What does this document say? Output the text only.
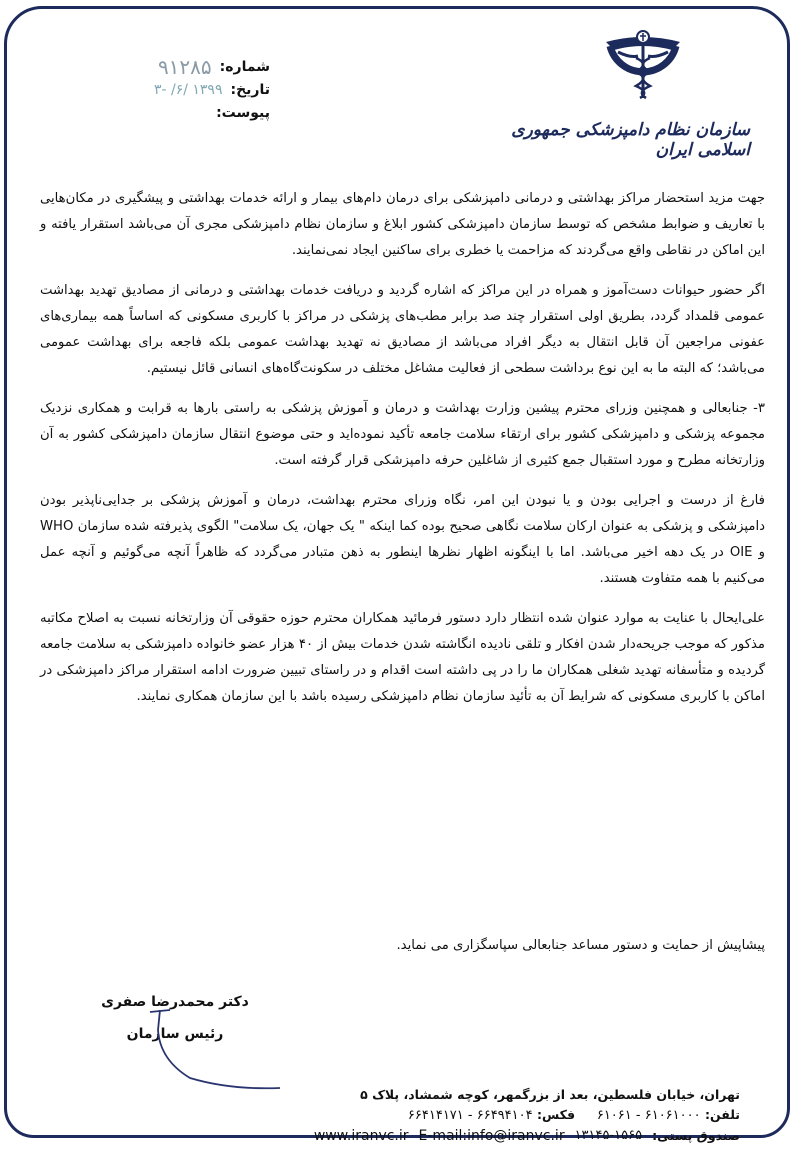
سازمان نظام دامپزشکی جمهوری اسلامی ایران
شماره:
۹۱۲۸۵
تاریخ:
۱۳۹۹ /۶/ -۳
پیوست:

جهت مزید استحضار مراکز بهداشتی و درمانی دامپزشکی برای درمان دام‌های بیمار و ارائه خدمات بهداشتی و پیشگیری در مکان‌هایی با تعاریف و ضوابط مشخص که توسط سازمان دامپزشکی کشور ابلاغ و سازمان نظام دامپزشکی مجری آن می‌باشد استقرار یافته و این اماکن در نقاطی واقع می‌گردند که مزاحمت یا خطری برای ساکنین ایجاد نمی‌نمایند.

اگر حضور حیوانات دست‌آموز و همراه در این مراکز که اشاره گردید و دریافت خدمات بهداشتی و درمانی از مصادیق تهدید بهداشت عمومی قلمداد گردد، بطریق اولی استقرار چند صد برابر مطب‌های پزشکی در مراکز با کاربری مسکونی که اساساً همه بیماری‌های عفونی مراجعین آن قابل انتقال به دیگر افراد می‌باشد از مصادیق نه تهدید بهداشت عمومی بلکه فاجعه برای بهداشت عمومی می‌باشد؛ که البته ما به این نوع برداشت سطحی از فعالیت مشاغل مختلف در سکونت‌گاه‌های انسانی قائل نیستیم.

۳- جنابعالی و همچنین وزرای محترم پیشین وزارت بهداشت و درمان و آموزش پزشکی به راستی بارها به قرابت و همکاری نزدیک مجموعه پزشکی و دامپزشکی کشور برای ارتقاء سلامت جامعه تأکید نموده‌اید و حتی موضوع انتقال سازمان دامپزشکی کشور به آن وزارتخانه مطرح و مورد استقبال جمع کثیری از شاغلین حرفه دامپزشکی قرار گرفته است.

فارغ از درست و اجرایی بودن و یا نبودن این امر، نگاه وزرای محترم بهداشت، درمان و آموزش پزشکی بر جدایی‌ناپذیر بودن دامپزشکی و پزشکی به عنوان ارکان سلامت نگاهی صحیح بوده کما اینکه " یک جهان، یک سلامت" الگوی پذیرفته شده سازمان WHO و OIE در یک دهه اخیر می‌باشد. اما با اینگونه اظهار نظرها اینطور به ذهن متبادر می‌گردد که ظاهراً آنچه می‌گوئیم و آنچه عمل می‌کنیم با همه متفاوت هستند.

علی‌ایحال با عنایت به موارد عنوان شده انتظار دارد دستور فرمائید همکاران محترم حوزه حقوقی آن وزارتخانه نسبت به اصلاح مکاتبه مذکور که موجب جریحه‌دار شدن افکار و تلقی نادیده انگاشته شدن خدمات بیش از ۴۰ هزار عضو خانواده دامپزشکی به سلامت جامعه گردیده و متأسفانه تهدید شغلی همکاران ما را در پی داشته است اقدام و در راستای تبیین ضرورت ادامه استقرار مراکز دامپزشکی در اماکن با کاربری مسکونی که شرایط آن به تأئید سازمان نظام دامپزشکی رسیده باشد با این سازمان همکاری نمایند.

پیشاپیش از حمایت و دستور مساعد جنابعالی سپاسگزاری می نماید.
دکتر محمدرضا صفری
رئیس سازمان
تهران، خیابان فلسطین، بعد از بزرگمهر، کوچه شمشاد، پلاک ۵
تلفن: ۶۱۰۶۱۰۰۰ - ۶۱۰۶۱     فکس: ۶۶۴۹۴۱۰۴ - ۶۶۴۱۴۱۷۱
صندوق پستی:
۱۳۱۴۵-۱۵۶۵
E-mail:info@iranvc.ir
www.iranvc.ir
